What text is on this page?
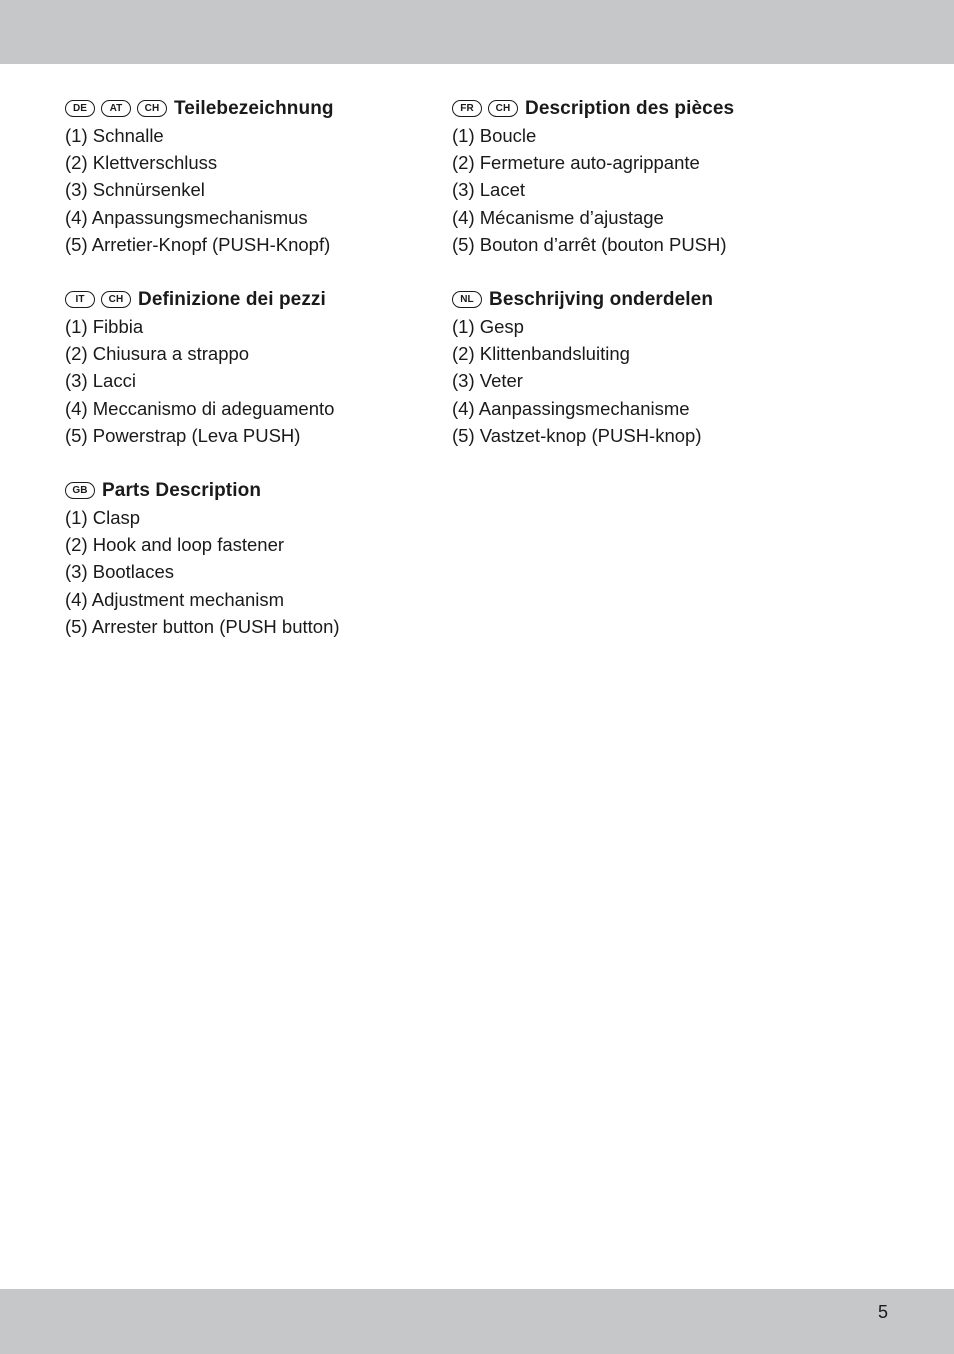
DE	AT	CH Teilebezeichnung
(1) Schnalle
(2) Klettverschluss
(3) Schnürsenkel
(4) Anpassungsmechanismus
(5) Arretier-Knopf (PUSH-Knopf)
IT	CH Definizione dei pezzi
(1) Fibbia
(2) Chiusura a strappo
(3) Lacci
(4) Meccanismo di adeguamento
(5) Powerstrap (Leva PUSH)
GB Parts Description
(1) Clasp
(2) Hook and loop fastener
(3) Bootlaces
(4) Adjustment mechanism
(5) Arrester button (PUSH button)
FR	CH Description des pièces
(1) Boucle
(2) Fermeture auto-agrippante
(3) Lacet
(4) Mécanisme d’ajustage
(5) Bouton d’arrêt (bouton PUSH)
NL Beschrijving onderdelen
(1) Gesp
(2) Klittenbandsluiting
(3) Veter
(4) Aanpassingsmechanisme
(5) Vastzet-knop (PUSH-knop)
5
